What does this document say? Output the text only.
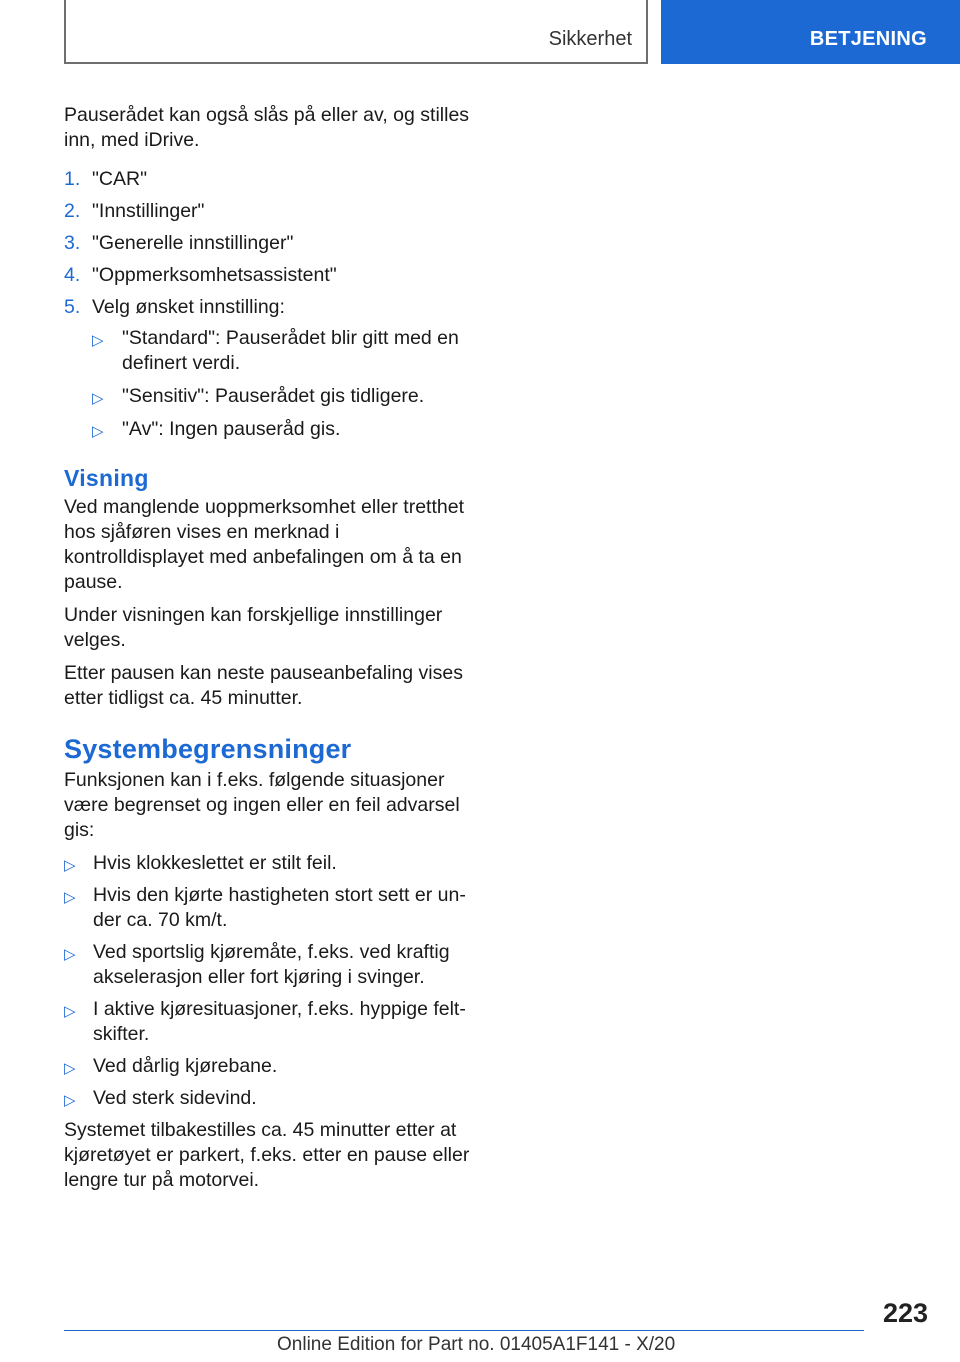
Sikkerhet	BETJENING

Pauserådet kan også slås på eller av, og stilles inn, med iDrive.

1. "CAR"
2. "Innstillinger"
3. "Generelle innstillinger"
4. "Oppmerksomhetsassistent"
5. Velg ønsket innstilling:
▷ "Standard": Pauserådet blir gitt med en definert verdi.
▷ "Sensitiv": Pauserådet gis tidligere.
▷ "Av": Ingen pauseråd gis.
Visning

Ved manglende uoppmerksomhet eller tretthet hos sjåføren vises en merknad i kontrolldisplayet med anbefalingen om å ta en pause.

Under visningen kan forskjellige innstillinger velges.

Etter pausen kan neste pauseanbefaling vises etter tidligst ca. 45 minutter.

Systembegrensninger

Funksjonen kan i f.eks. følgende situasjoner være begrenset og ingen eller en feil advarsel gis:

▷ Hvis klokkeslettet er stilt feil.
▷ Hvis den kjørte hastigheten stort sett er under ca. 70 km/t.
▷ Ved sportslig kjøremåte, f.eks. ved kraftig akselerasjon eller fort kjøring i svinger.
▷ I aktive kjøresituasjoner, f.eks. hyppige feltskifter.
▷ Ved dårlig kjørebane.
▷ Ved sterk sidevind.

Systemet tilbakestilles ca. 45 minutter etter at kjøretøyet er parkert, f.eks. etter en pause eller lengre tur på motorvei.

223
Online Edition for Part no. 01405A1F141 - X/20
